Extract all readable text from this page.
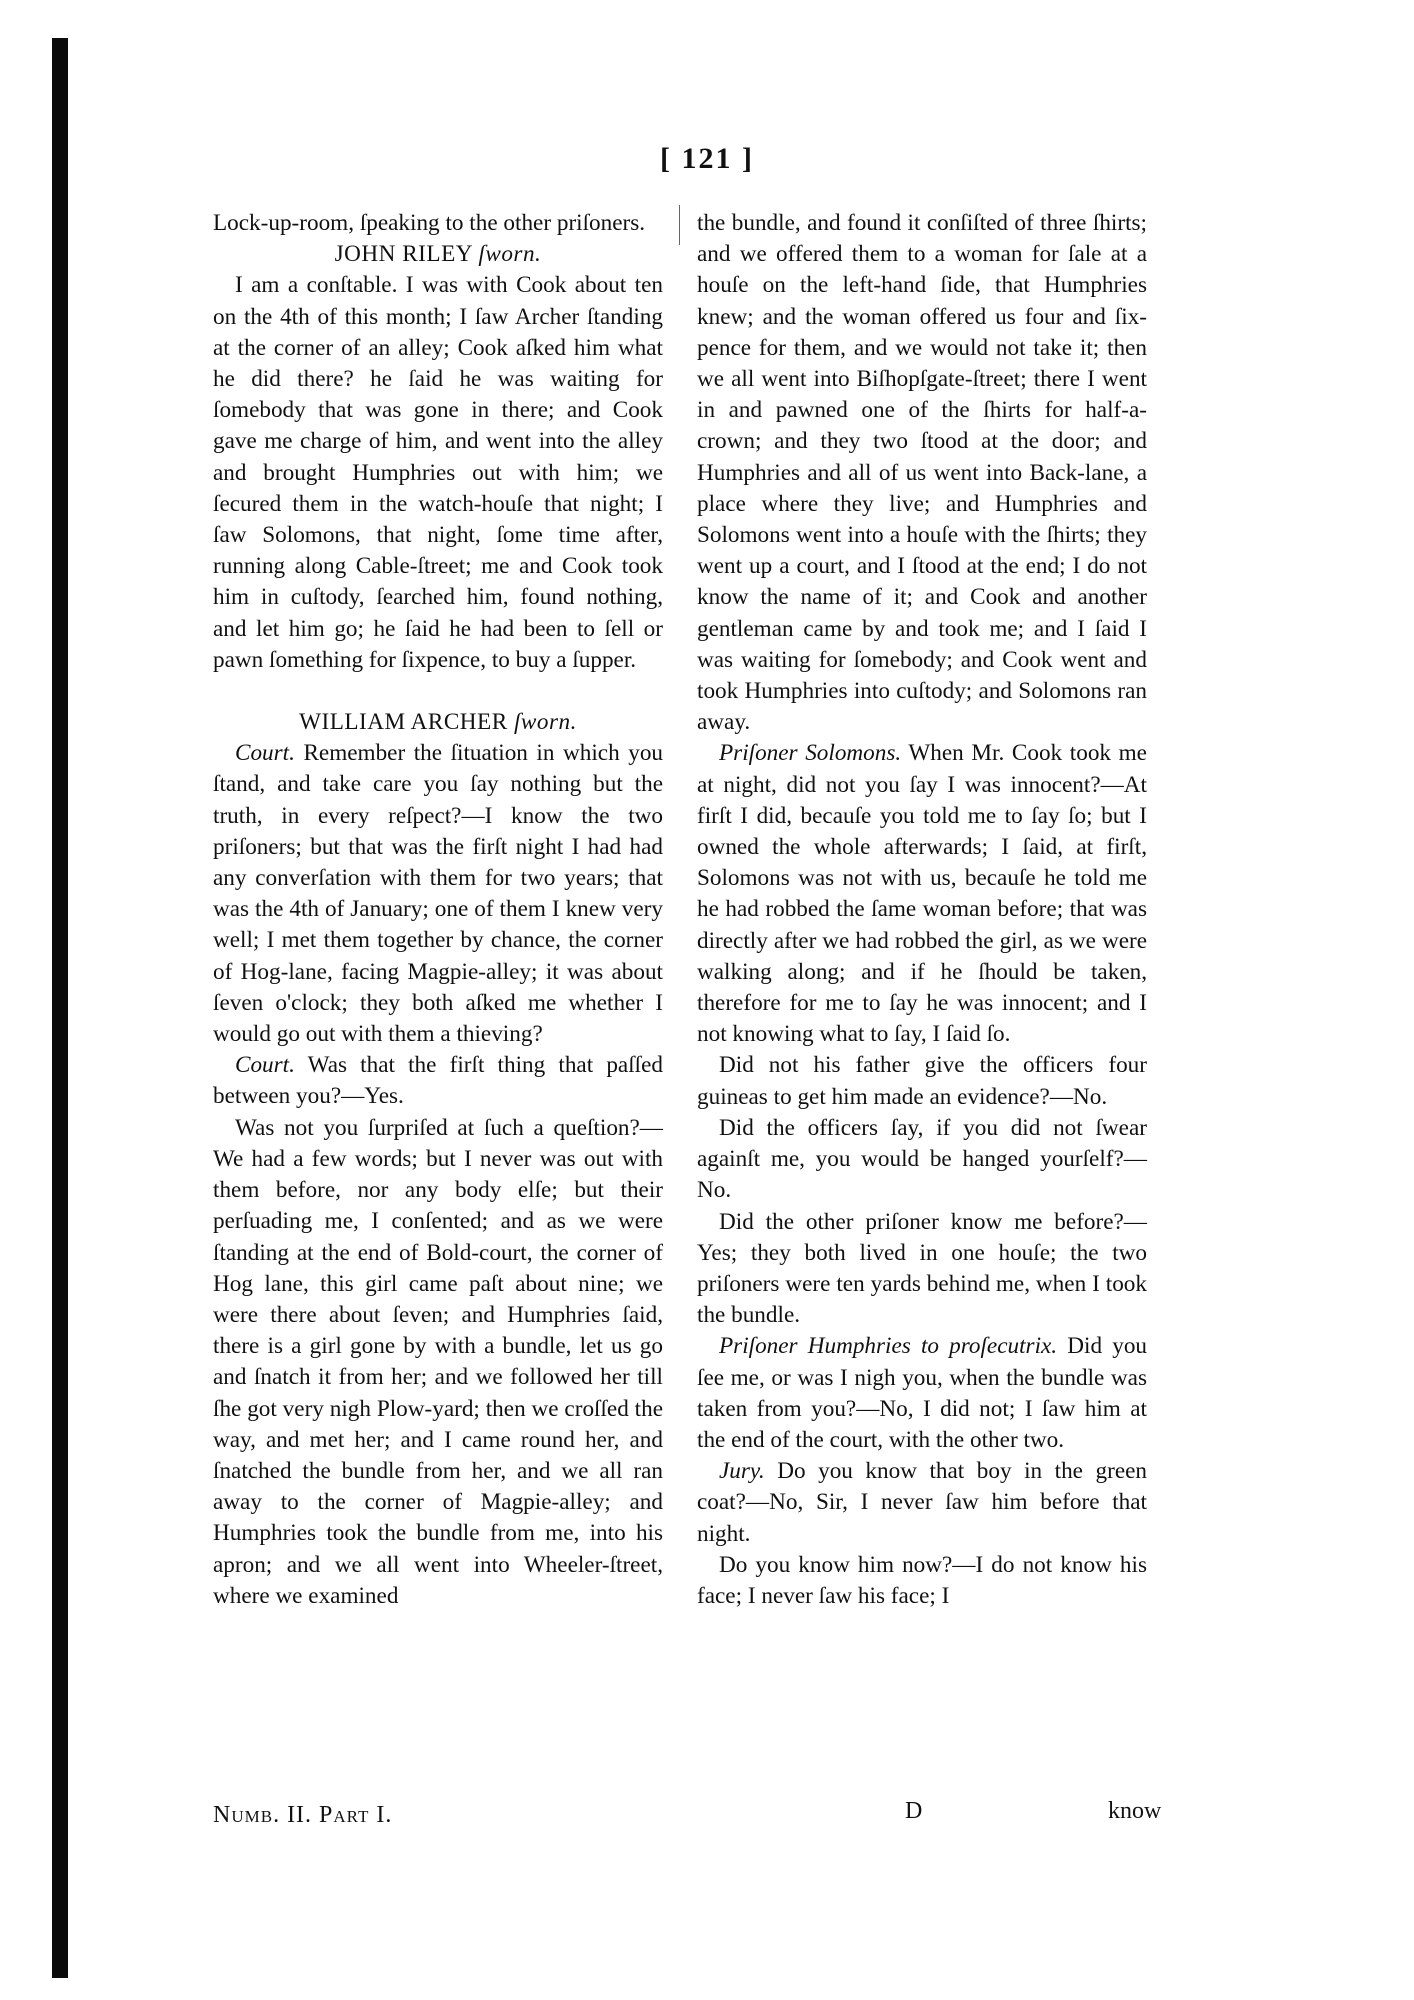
[ 121 ]

Lock-up-room, ſpeaking to the other priſoners.

JOHN RILEY ſworn.

I am a conſtable. I was with Cook about ten on the 4th of this month; I ſaw Archer ſtanding at the corner of an alley; Cook aſked him what he did there? he ſaid he was waiting for ſomebody that was gone in there; and Cook gave me charge of him, and went into the alley and brought Humphries out with him; we ſecured them in the watch-houſe that night; I ſaw Solomons, that night, ſome time after, running along Cable-ſtreet; me and Cook took him in cuſtody, ſearched him, found nothing, and let him go; he ſaid he had been to ſell or pawn ſomething for ſixpence, to buy a ſupper.

WILLIAM ARCHER ſworn.

Court. Remember the ſituation in which you ſtand, and take care you ſay nothing but the truth, in every reſpect?—I know the two priſoners; but that was the firſt night I had had any converſation with them for two years; that was the 4th of January; one of them I knew very well; I met them together by chance, the corner of Hog-lane, facing Magpie-alley; it was about ſeven o'clock; they both aſked me whether I would go out with them a thieving?

Court. Was that the firſt thing that paſſed between you?—Yes.

Was not you ſurpriſed at ſuch a queſtion?—We had a few words; but I never was out with them before, nor any body elſe; but their perſuading me, I conſented; and as we were ſtanding at the end of Bold-court, the corner of Hog lane, this girl came paſt about nine; we were there about ſeven; and Humphries ſaid, there is a girl gone by with a bundle, let us go and ſnatch it from her; and we followed her till ſhe got very nigh Plow-yard; then we croſſed the way, and met her; and I came round her, and ſnatched the bundle from her, and we all ran away to the corner of Magpie-alley; and Humphries took the bundle from me, into his apron; and we all went into Wheeler-ſtreet, where we examined

the bundle, and found it conſiſted of three ſhirts; and we offered them to a woman for ſale at a houſe on the left-hand ſide, that Humphries knew; and the woman offered us four and ſix-pence for them, and we would not take it; then we all went into Biſhopſgate-ſtreet; there I went in and pawned one of the ſhirts for half-a-crown; and they two ſtood at the door; and Humphries and all of us went into Back-lane, a place where they live; and Humphries and Solomons went into a houſe with the ſhirts; they went up a court, and I ſtood at the end; I do not know the name of it; and Cook and another gentleman came by and took me; and I ſaid I was waiting for ſomebody; and Cook went and took Humphries into cuſtody; and Solomons ran away.

Priſoner Solomons. When Mr. Cook took me at night, did not you ſay I was innocent?—At firſt I did, becauſe you told me to ſay ſo; but I owned the whole afterwards; I ſaid, at firſt, Solomons was not with us, becauſe he told me he had robbed the ſame woman before; that was directly after we had robbed the girl, as we were walking along; and if he ſhould be taken, therefore for me to ſay he was innocent; and I not knowing what to ſay, I ſaid ſo.

Did not his father give the officers four guineas to get him made an evidence?—No.

Did the officers ſay, if you did not ſwear againſt me, you would be hanged yourſelf?—No.

Did the other priſoner know me before?—Yes; they both lived in one houſe; the two priſoners were ten yards behind me, when I took the bundle.

Priſoner Humphries to proſecutrix. Did you ſee me, or was I nigh you, when the bundle was taken from you?—No, I did not; I ſaw him at the end of the court, with the other two.

Jury. Do you know that boy in the green coat?—No, Sir, I never ſaw him before that night.

Do you know him now?—I do not know his face; I never ſaw his face; I

Numb. II. Part I.	D	know
